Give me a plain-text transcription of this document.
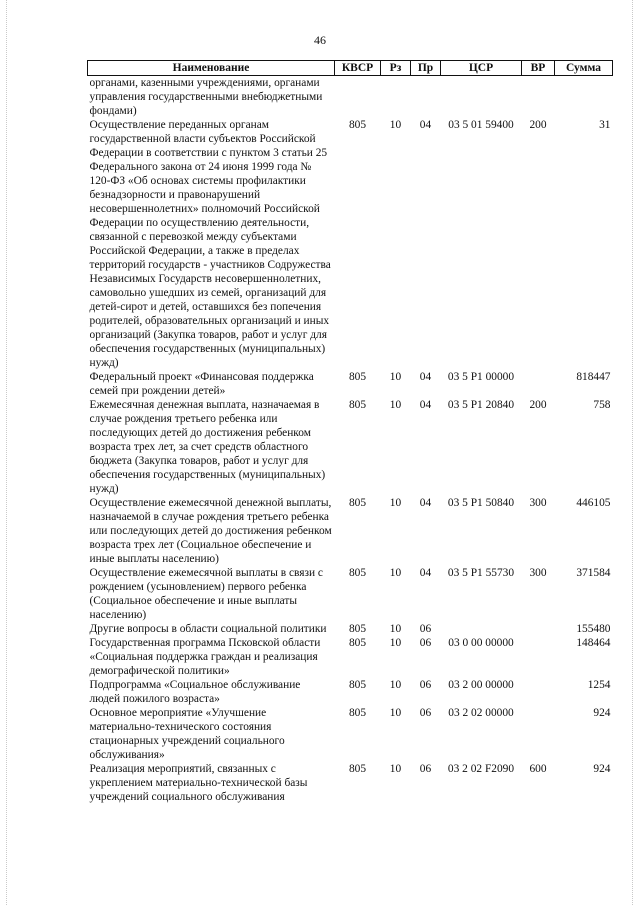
46
Наименование	КВСР	Рз	Пр	ЦСР	ВР	Сумма
органами, казенными учреждениями, органами управления государственными внебюджетными фондами)						
Осуществление переданных органам государственной власти субъектов Российской Федерации в соответствии с пунктом 3 статьи 25 Федерального закона от 24 июня 1999 года № 120-ФЗ «Об основах системы профилактики безнадзорности и правонарушений несовершеннолетних» полномочий Российской Федерации по осуществлению деятельности, связанной с перевозкой между субъектами Российской Федерации, а также в пределах территорий государств - участников Содружества Независимых Государств несовершеннолетних, самовольно ушедших из семей, организаций для детей-сирот и детей, оставшихся без попечения родителей, образовательных организаций и иных организаций (Закупка товаров, работ и услуг для обеспечения государственных (муниципальных) нужд)	805	10	04	03 5 01 59400	200	31
Федеральный проект «Финансовая поддержка семей при рождении детей»	805	10	04	03 5 P1 00000		818447
Ежемесячная денежная выплата, назначаемая в случае рождения третьего ребенка или последующих детей до достижения ребенком возраста трех лет, за счет средств областного бюджета (Закупка товаров, работ и услуг для обеспечения государственных (муниципальных) нужд)	805	10	04	03 5 P1 20840	200	758
Осуществление ежемесячной денежной выплаты, назначаемой в случае рождения третьего ребенка или последующих детей до достижения ребенком возраста трех лет (Социальное обеспечение и иные выплаты населению)	805	10	04	03 5 P1 50840	300	446105
Осуществление ежемесячной выплаты в связи с рождением (усыновлением) первого ребенка (Социальное обеспечение и иные выплаты населению)	805	10	04	03 5 P1 55730	300	371584
Другие вопросы в области социальной политики	805	10	06			155480
Государственная программа Псковской области «Социальная поддержка граждан и реализация демографической политики»	805	10	06	03 0 00 00000		148464
Подпрограмма «Социальное обслуживание людей пожилого возраста»	805	10	06	03 2 00 00000		1254
Основное мероприятие «Улучшение материально-технического состояния стационарных учреждений социального обслуживания»	805	10	06	03 2 02 00000		924
Реализация мероприятий, связанных с укреплением материально-технической базы учреждений социального обслуживания	805	10	06	03 2 02 F2090	600	924
